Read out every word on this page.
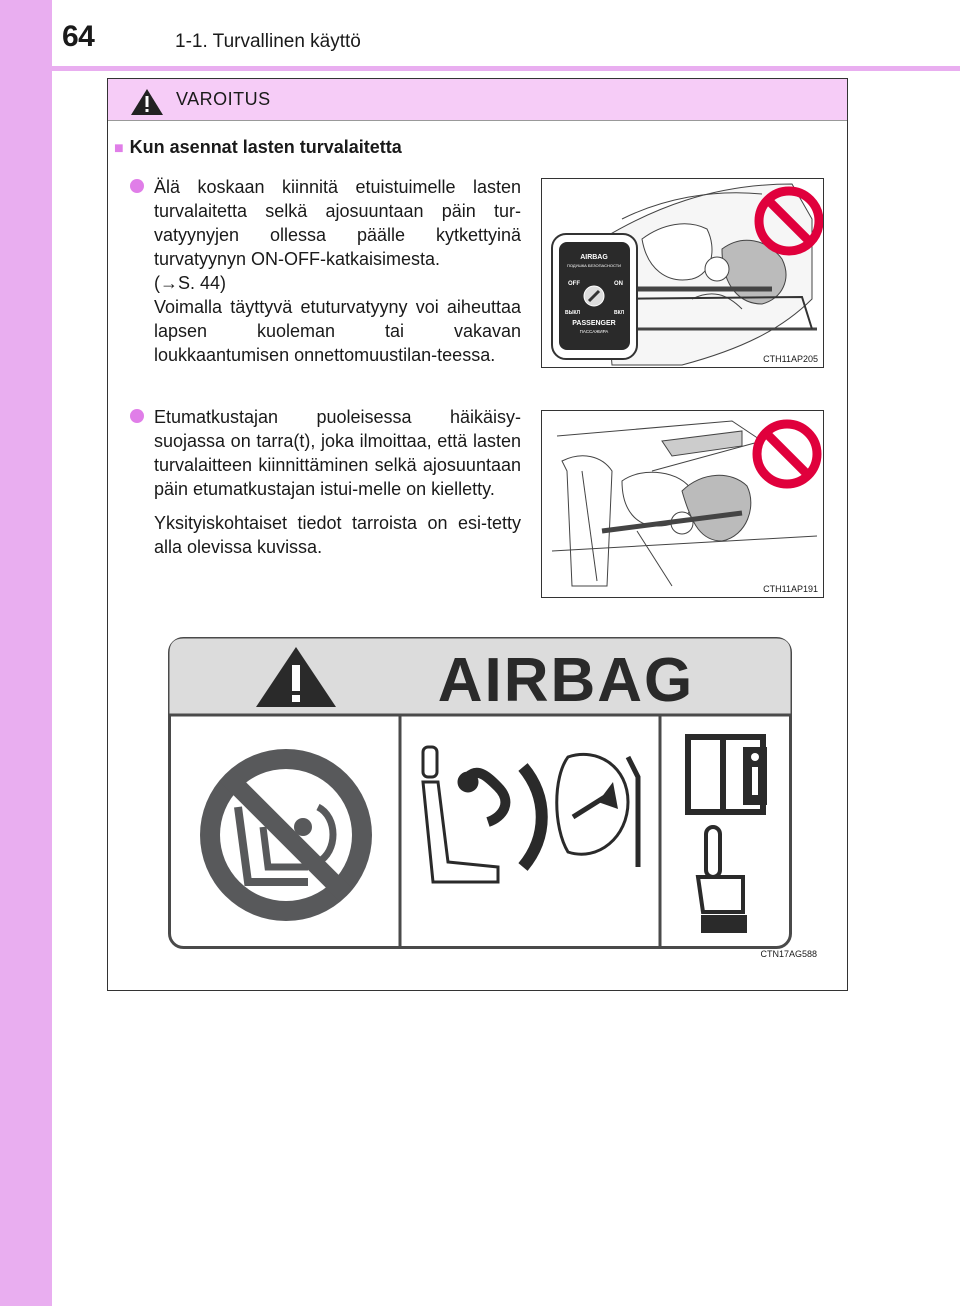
64	1-1. Turvallinen käyttö
VAROITUS
■ Kun asennat lasten turvalaitetta
Älä koskaan kiinnitä etuistuimelle lasten turvalaitetta selkä ajosuuntaan päin tur-vatyynyjen ollessa päälle kytkettyinä turvatyynyn ON-OFF-katkaisimesta.
(→S. 44)
Voimalla täyttyvä etuturvatyyny voi aiheuttaa lapsen kuoleman tai vakavan loukkaantumisen onnettomuustilan-teessa.
AIRBAG
ПОДУШКА БЕЗОПАСНОСТИ
OFF	ON
ВЫКЛ	ВКЛ
PASSENGER
ПАССАЖИРА
CTH11AP205
Etumatkustajan puoleisessa häikäisy-suojassa on tarra(t), joka ilmoittaa, että lasten turvalaitteen kiinnittäminen selkä ajosuuntaan päin etumatkustajan istui-melle on kielletty.
Yksityiskohtaiset tiedot tarroista on esi-tetty alla olevissa kuvissa.
CTH11AP191
AIRBAG
CTN17AG588
